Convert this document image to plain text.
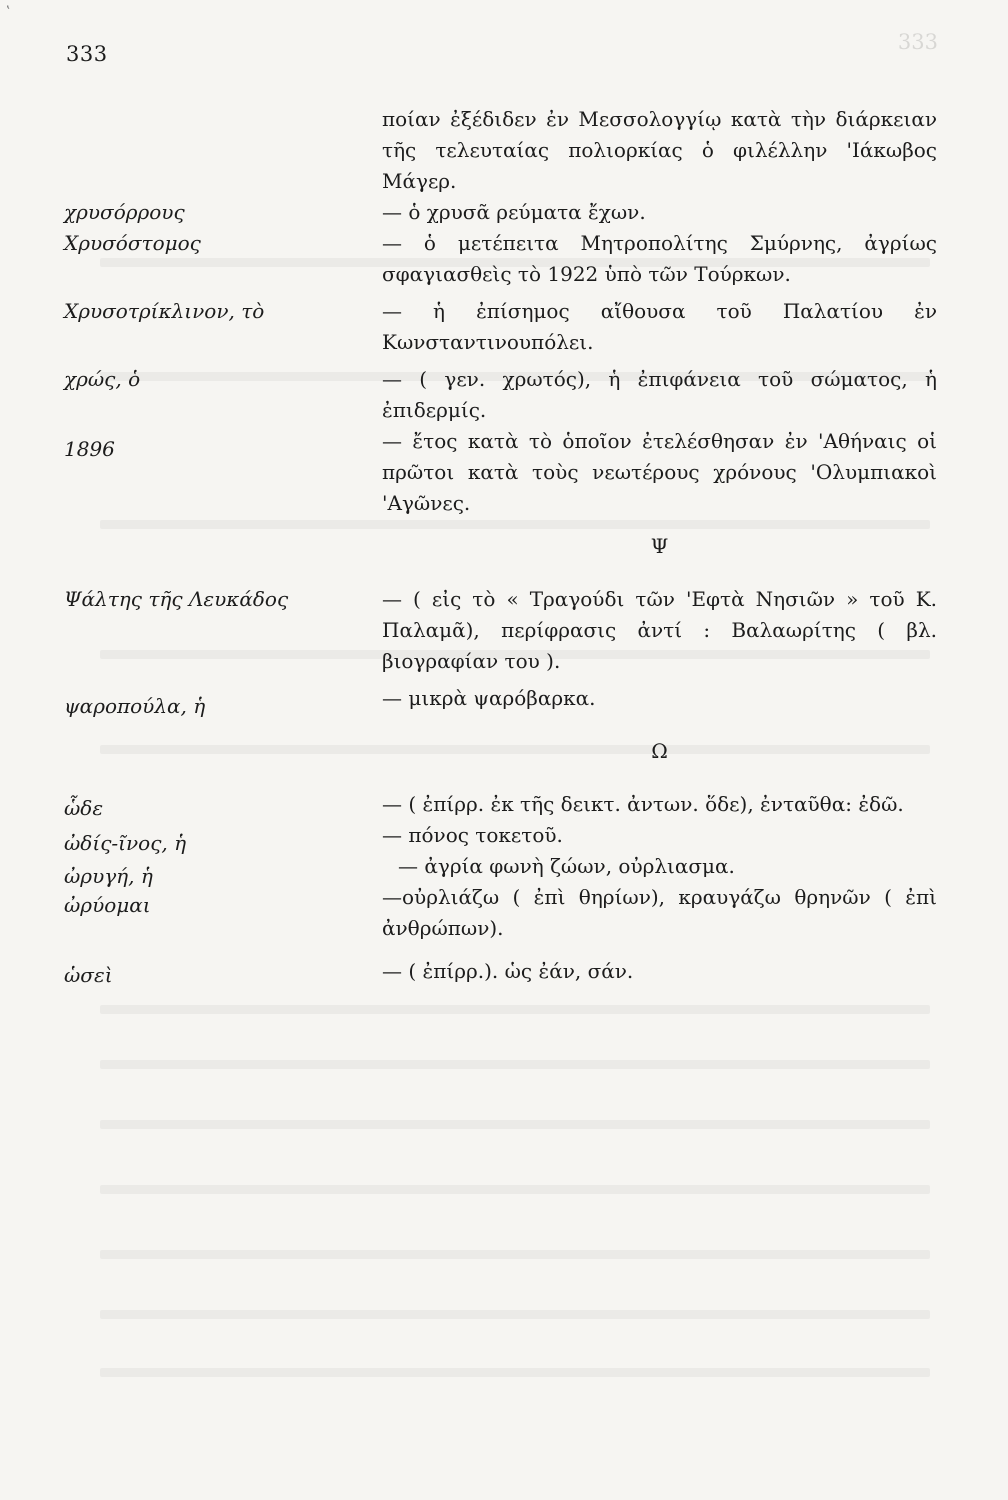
‛
333
333
ποίαν ἐξέδιδεν ἐν Μεσσολογγίῳ κατὰ τὴν διάρκειαν τῆς τελευταίας πολιορκίας ὁ φιλέλλην 'Ιάκωβος Μάγερ.
χρυσόρρους	— ὁ χρυσᾶ ρεύματα ἔχων.
Χρυσόστομος	— ὁ μετέπειτα Μητροπολίτης Σμύρνης, ἀγρίως σφαγιασθεὶς τὸ 1922 ὑπὸ τῶν Τούρκων.
Χρυσοτρίκλινον, τὸ	— ἡ ἐπίσημος αἴθουσα τοῦ Παλατίου ἐν Κωνσταντινουπόλει.
χρώς, ὁ	— ( γεν. χρωτός), ἡ ἐπιφάνεια τοῦ σώματος, ἡ ἐπιδερμίς.
1896	— ἔτος κατὰ τὸ ὁποῖον ἐτελέσθησαν ἐν 'Αθήναις οἱ πρῶτοι κατὰ τοὺς νεωτέρους χρόνους 'Ολυμπιακοὶ 'Αγῶνες.
Ψ
Ψάλτης τῆς Λευκάδος	— ( εἰς τὸ « Τραγούδι τῶν 'Εφτὰ Νησιῶν » τοῦ Κ. Παλαμᾶ), περίφρασις ἀντί : Βαλαωρίτης ( βλ. βιογραφίαν του ).
ψαροπούλα, ἡ	— μικρὰ ψαρόβαρκα.
Ω
ὧδε	— ( ἐπίρρ. ἐκ τῆς δεικτ. ἀντων. ὅδε), ἐνταῦθα: ἐδῶ.
ὠδίς-ῖνος, ἡ	— πόνος τοκετοῦ.
ὠρυγή, ἡ	— ἀγρία φωνὴ ζώων, οὐρλιασμα.
ὠρύομαι	—οὐρλιάζω ( ἐπὶ θηρίων), κραυγάζω θρηνῶν ( ἐπὶ ἀνθρώπων).
ὡσεὶ	— ( ἐπίρρ.). ὡς ἐάν, σάν.
